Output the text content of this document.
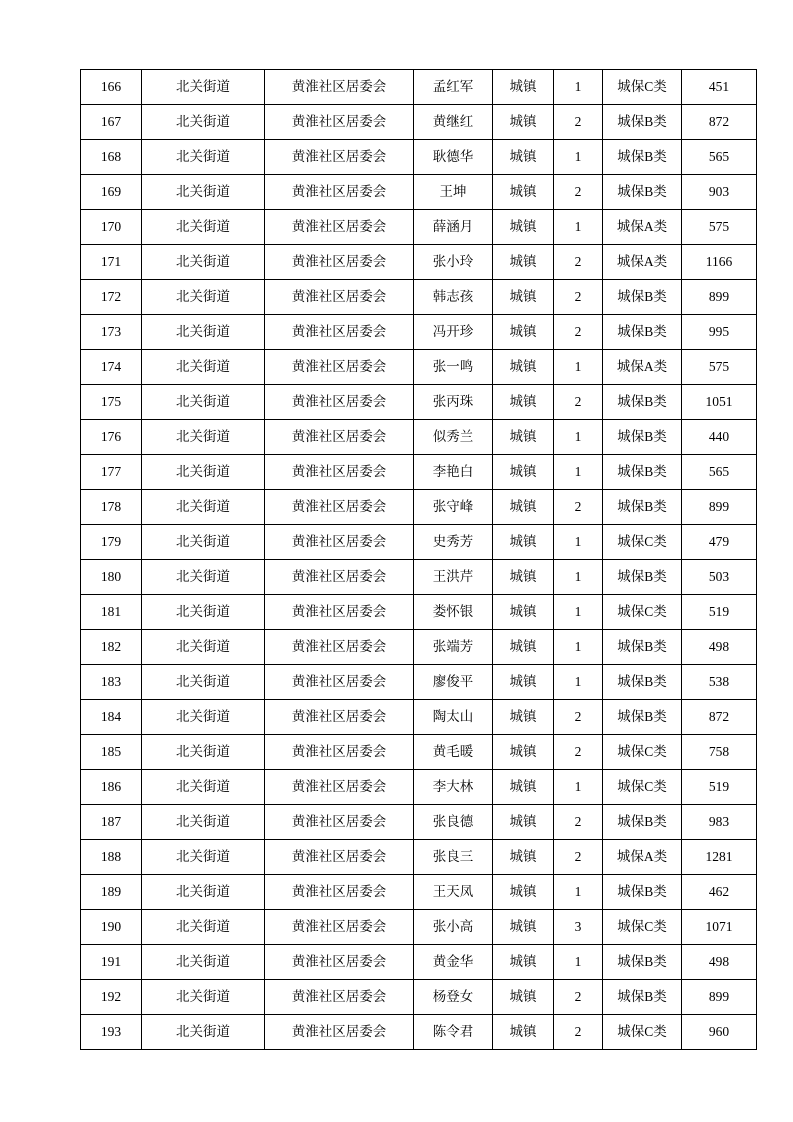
166	北关街道	黄淮社区居委会	孟红军	城镇	1	城保C类	451
167	北关街道	黄淮社区居委会	黄继红	城镇	2	城保B类	872
168	北关街道	黄淮社区居委会	耿德华	城镇	1	城保B类	565
169	北关街道	黄淮社区居委会	王坤	城镇	2	城保B类	903
170	北关街道	黄淮社区居委会	薛涵月	城镇	1	城保A类	575
171	北关街道	黄淮社区居委会	张小玲	城镇	2	城保A类	1166
172	北关街道	黄淮社区居委会	韩志孩	城镇	2	城保B类	899
173	北关街道	黄淮社区居委会	冯开珍	城镇	2	城保B类	995
174	北关街道	黄淮社区居委会	张一鸣	城镇	1	城保A类	575
175	北关街道	黄淮社区居委会	张丙珠	城镇	2	城保B类	1051
176	北关街道	黄淮社区居委会	似秀兰	城镇	1	城保B类	440
177	北关街道	黄淮社区居委会	李艳白	城镇	1	城保B类	565
178	北关街道	黄淮社区居委会	张守峰	城镇	2	城保B类	899
179	北关街道	黄淮社区居委会	史秀芳	城镇	1	城保C类	479
180	北关街道	黄淮社区居委会	王洪芹	城镇	1	城保B类	503
181	北关街道	黄淮社区居委会	娄怀银	城镇	1	城保C类	519
182	北关街道	黄淮社区居委会	张端芳	城镇	1	城保B类	498
183	北关街道	黄淮社区居委会	廖俊平	城镇	1	城保B类	538
184	北关街道	黄淮社区居委会	陶太山	城镇	2	城保B类	872
185	北关街道	黄淮社区居委会	黄毛暖	城镇	2	城保C类	758
186	北关街道	黄淮社区居委会	李大林	城镇	1	城保C类	519
187	北关街道	黄淮社区居委会	张良德	城镇	2	城保B类	983
188	北关街道	黄淮社区居委会	张良三	城镇	2	城保A类	1281
189	北关街道	黄淮社区居委会	王天凤	城镇	1	城保B类	462
190	北关街道	黄淮社区居委会	张小高	城镇	3	城保C类	1071
191	北关街道	黄淮社区居委会	黄金华	城镇	1	城保B类	498
192	北关街道	黄淮社区居委会	杨登女	城镇	2	城保B类	899
193	北关街道	黄淮社区居委会	陈令君	城镇	2	城保C类	960
